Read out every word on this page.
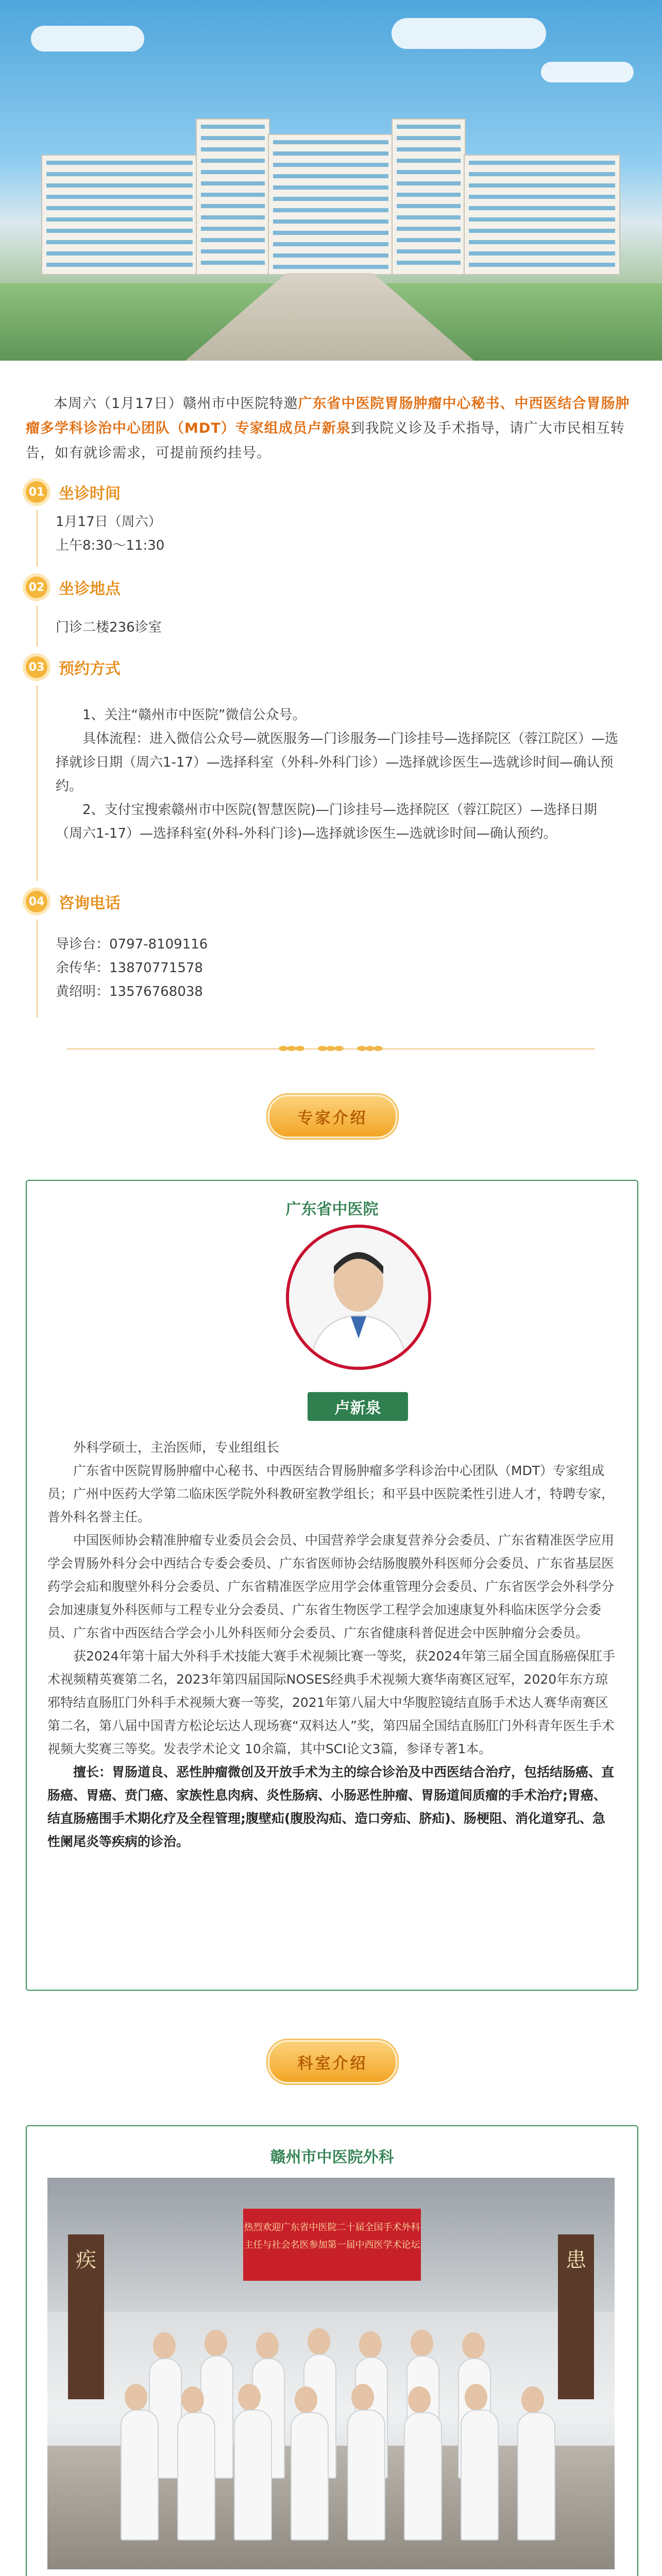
本周六（1月17日）赣州市中医院特邀广东省中医院胃肠肿瘤中心秘书、中西医结合胃肠肿瘤多学科诊治中心团队（MDT）专家组成员卢新泉到我院义诊及手术指导，请广大市民相互转告，如有就诊需求，可提前预约挂号。
01 坐诊时间

1月17日（周六）

上午8:30～11:30

02 坐诊地点

门诊二楼236诊室

03 预约方式

1、关注“赣州市中医院”微信公众号。

具体流程：进入微信公众号—就医服务—门诊服务—门诊挂号—选择院区（蓉江院区）—选择就诊日期（周六1-17）—选择科室（外科-外科门诊）—选择就诊医生—选就诊时间—确认预约。

2、支付宝搜索赣州市中医院(智慧医院)—门诊挂号—选择院区（蓉江院区）—选择日期（周六1-17）—选择科室(外科-外科门诊)—选择就诊医生—选就诊时间—确认预约。

04 咨询电话

导诊台：0797-8109116

余传华：13870771578

黄绍明：13576768038

专家介绍
广东省中医院
卢新泉

外科学硕士，主治医师，专业组组长

广东省中医院胃肠肿瘤中心秘书、中西医结合胃肠肿瘤多学科诊治中心团队（MDT）专家组成员；广州中医药大学第二临床医学院外科教研室教学组长；和平县中医院柔性引进人才，特聘专家，普外科名誉主任。

中国医师协会精准肿瘤专业委员会会员、中国营养学会康复营养分会委员、广东省精准医学应用学会胃肠外科分会中西结合专委会委员、广东省医师协会结肠腹膜外科医师分会委员、广东省基层医药学会疝和腹壁外科分会委员、广东省精准医学应用学会体重管理分会委员、广东省医学会外科学分会加速康复外科医师与工程专业分会委员、广东省生物医学工程学会加速康复外科临床医学分会委员、广东省中西医结合学会小儿外科医师分会委员、广东省健康科普促进会中医肿瘤分会委员。

获2024年第十届大外科手术技能大赛手术视频比赛一等奖，获2024年第三届全国直肠癌保肛手术视频精英赛第二名，2023年第四届国际NOSES经典手术视频大赛华南赛区冠军，2020年东方琼邪特结直肠肛门外科手术视频大赛一等奖，2021年第八届大中华腹腔镜结直肠手术达人赛华南赛区第二名，第八届中国青方松论坛达人现场赛“双料达人”奖，第四届全国结直肠肛门外科青年医生手术视频大奖赛三等奖。发表学术论文 10余篇，其中SCI论文3篇，参译专著1本。

擅长：胃肠道良、恶性肿瘤微创及开放手术为主的综合诊治及中西医结合治疗，包括结肠癌、直肠癌、胃癌、贲门癌、家族性息肉病、炎性肠病、小肠恶性肿瘤、胃肠道间质瘤的手术治疗;胃癌、结直肠癌围手术期化疗及全程管理;腹壁疝(腹股沟疝、造口旁疝、脐疝)、肠梗阻、消化道穿孔、急性阑尾炎等疾病的诊治。

科室介绍
赣州市中医院外科
疾	患
热烈欢迎广东省中医院二十届全国手术外科主任与社会名医参加第一届中西医学术论坛
